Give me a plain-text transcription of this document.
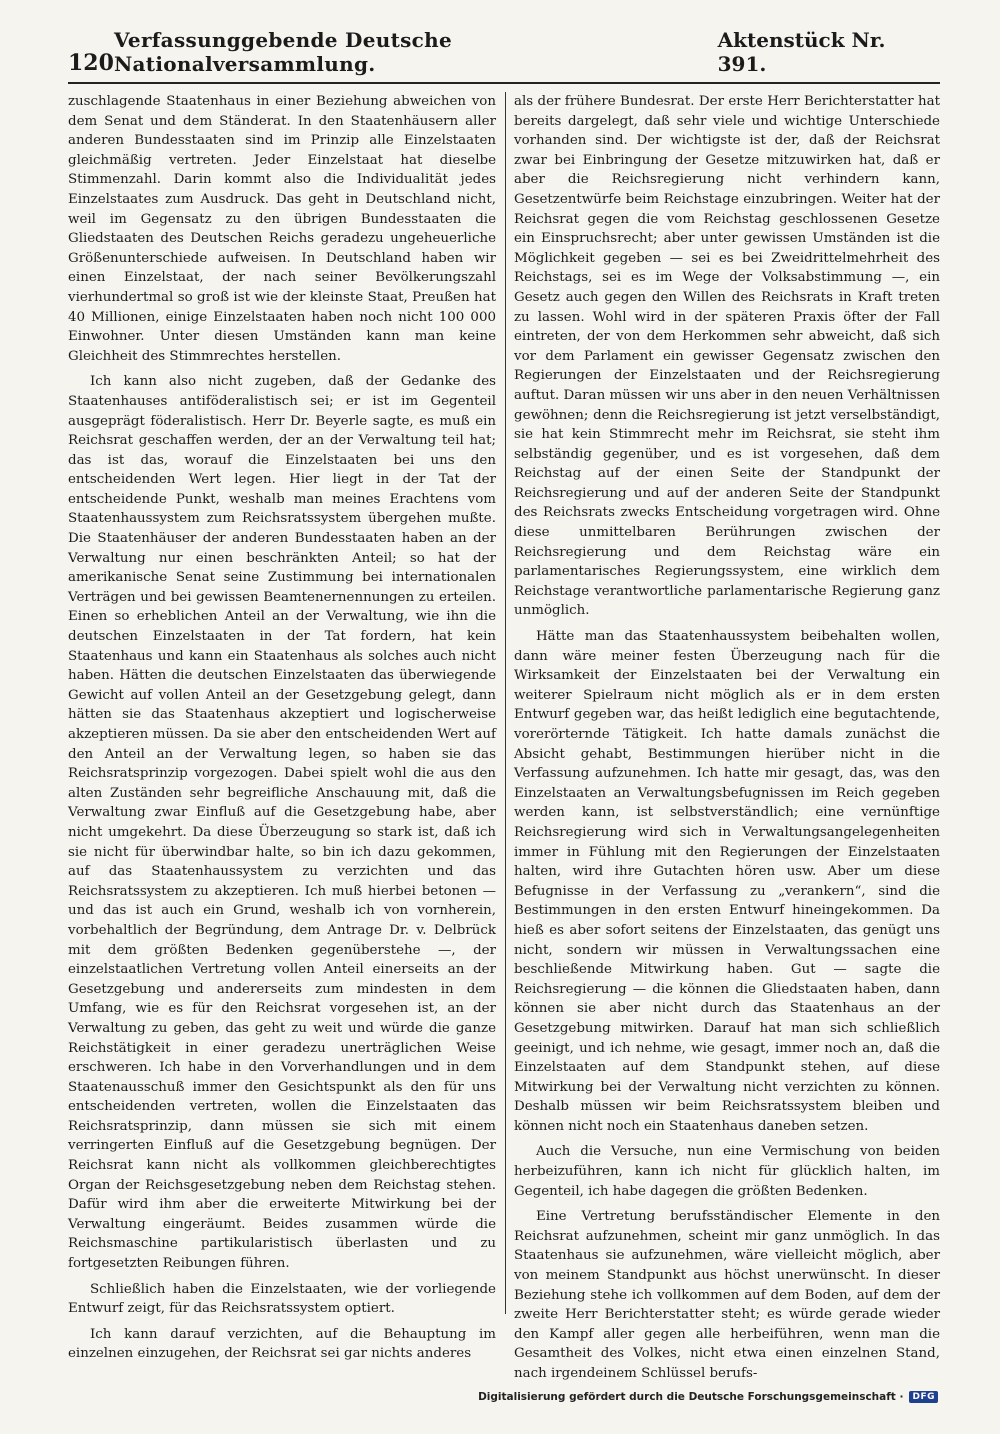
120
Verfassunggebende Deutsche Nationalversammlung.
Aktenstück Nr. 391.

zuschlagende Staatenhaus in einer Beziehung abweichen von dem Senat und dem Ständerat. In den Staatenhäusern aller anderen Bundesstaaten sind im Prinzip alle Einzelstaaten gleichmäßig vertreten. Jeder Einzelstaat hat dieselbe Stimmenzahl. Darin kommt also die Individualität jedes Einzelstaates zum Ausdruck. Das geht in Deutschland nicht, weil im Gegensatz zu den übrigen Bundesstaaten die Gliedstaaten des Deutschen Reichs geradezu ungeheuerliche Größenunterschiede aufweisen. In Deutschland haben wir einen Einzelstaat, der nach seiner Bevölkerungszahl vierhundertmal so groß ist wie der kleinste Staat, Preußen hat 40 Millionen, einige Einzelstaaten haben noch nicht 100 000 Einwohner. Unter diesen Umständen kann man keine Gleichheit des Stimmrechtes herstellen.

Ich kann also nicht zugeben, daß der Gedanke des Staatenhauses antiföderalistisch sei; er ist im Gegenteil ausgeprägt föderalistisch. Herr Dr. Beyerle sagte, es muß ein Reichsrat geschaffen werden, der an der Verwaltung teil hat; das ist das, worauf die Einzelstaaten bei uns den entscheidenden Wert legen. Hier liegt in der Tat der entscheidende Punkt, weshalb man meines Erachtens vom Staatenhaussystem zum Reichsratssystem übergehen mußte. Die Staatenhäuser der anderen Bundesstaaten haben an der Verwaltung nur einen beschränkten Anteil; so hat der amerikanische Senat seine Zustimmung bei internationalen Verträgen und bei gewissen Beamtenernennungen zu erteilen. Einen so erheblichen Anteil an der Verwaltung, wie ihn die deutschen Einzelstaaten in der Tat fordern, hat kein Staatenhaus und kann ein Staatenhaus als solches auch nicht haben. Hätten die deutschen Einzelstaaten das überwiegende Gewicht auf vollen Anteil an der Gesetzgebung gelegt, dann hätten sie das Staatenhaus akzeptiert und logischerweise akzeptieren müssen. Da sie aber den entscheidenden Wert auf den Anteil an der Verwaltung legen, so haben sie das Reichsratsprinzip vorgezogen. Dabei spielt wohl die aus den alten Zuständen sehr begreifliche Anschauung mit, daß die Verwaltung zwar Einfluß auf die Gesetzgebung habe, aber nicht umgekehrt. Da diese Überzeugung so stark ist, daß ich sie nicht für überwindbar halte, so bin ich dazu gekommen, auf das Staatenhaussystem zu verzichten und das Reichsratssystem zu akzeptieren. Ich muß hierbei betonen — und das ist auch ein Grund, weshalb ich von vornherein, vorbehaltlich der Begründung, dem Antrage Dr. v. Delbrück mit dem größten Bedenken gegenüberstehe —, der einzelstaatlichen Vertretung vollen Anteil einerseits an der Gesetzgebung und andererseits zum mindesten in dem Umfang, wie es für den Reichsrat vorgesehen ist, an der Verwaltung zu geben, das geht zu weit und würde die ganze Reichstätigkeit in einer geradezu unerträglichen Weise erschweren. Ich habe in den Vorverhandlungen und in dem Staatenausschuß immer den Gesichtspunkt als den für uns entscheidenden vertreten, wollen die Einzelstaaten das Reichsratsprinzip, dann müssen sie sich mit einem verringerten Einfluß auf die Gesetzgebung begnügen. Der Reichsrat kann nicht als vollkommen gleichberechtigtes Organ der Reichsgesetzgebung neben dem Reichstag stehen. Dafür wird ihm aber die erweiterte Mitwirkung bei der Verwaltung eingeräumt. Beides zusammen würde die Reichsmaschine partikularistisch überlasten und zu fortgesetzten Reibungen führen.

Schließlich haben die Einzelstaaten, wie der vorliegende Entwurf zeigt, für das Reichsratssystem optiert.

Ich kann darauf verzichten, auf die Behauptung im einzelnen einzugehen, der Reichsrat sei gar nichts anderes

als der frühere Bundesrat. Der erste Herr Berichterstatter hat bereits dargelegt, daß sehr viele und wichtige Unterschiede vorhanden sind. Der wichtigste ist der, daß der Reichsrat zwar bei Einbringung der Gesetze mitzuwirken hat, daß er aber die Reichsregierung nicht verhindern kann, Gesetzentwürfe beim Reichstage einzubringen. Weiter hat der Reichsrat gegen die vom Reichstag geschlossenen Gesetze ein Einspruchsrecht; aber unter gewissen Umständen ist die Möglichkeit gegeben — sei es bei Zweidrittelmehrheit des Reichstags, sei es im Wege der Volksabstimmung —, ein Gesetz auch gegen den Willen des Reichsrats in Kraft treten zu lassen. Wohl wird in der späteren Praxis öfter der Fall eintreten, der von dem Herkommen sehr abweicht, daß sich vor dem Parlament ein gewisser Gegensatz zwischen den Regierungen der Einzelstaaten und der Reichsregierung auftut. Daran müssen wir uns aber in den neuen Verhältnissen gewöhnen; denn die Reichsregierung ist jetzt verselbständigt, sie hat kein Stimmrecht mehr im Reichsrat, sie steht ihm selbständig gegenüber, und es ist vorgesehen, daß dem Reichstag auf der einen Seite der Standpunkt der Reichsregierung und auf der anderen Seite der Standpunkt des Reichsrats zwecks Entscheidung vorgetragen wird. Ohne diese unmittelbaren Berührungen zwischen der Reichsregierung und dem Reichstag wäre ein parlamentarisches Regierungssystem, eine wirklich dem Reichstage verantwortliche parlamentarische Regierung ganz unmöglich.

Hätte man das Staatenhaussystem beibehalten wollen, dann wäre meiner festen Überzeugung nach für die Wirksamkeit der Einzelstaaten bei der Verwaltung ein weiterer Spielraum nicht möglich als er in dem ersten Entwurf gegeben war, das heißt lediglich eine begutachtende, vorerörternde Tätigkeit. Ich hatte damals zunächst die Absicht gehabt, Bestimmungen hierüber nicht in die Verfassung aufzunehmen. Ich hatte mir gesagt, das, was den Einzelstaaten an Verwaltungsbefugnissen im Reich gegeben werden kann, ist selbstverständlich; eine vernünftige Reichsregierung wird sich in Verwaltungsangelegenheiten immer in Fühlung mit den Regierungen der Einzelstaaten halten, wird ihre Gutachten hören usw. Aber um diese Befugnisse in der Verfassung zu „verankern“, sind die Bestimmungen in den ersten Entwurf hineingekommen. Da hieß es aber sofort seitens der Einzelstaaten, das genügt uns nicht, sondern wir müssen in Verwaltungssachen eine beschließende Mitwirkung haben. Gut — sagte die Reichsregierung — die können die Gliedstaaten haben, dann können sie aber nicht durch das Staatenhaus an der Gesetzgebung mitwirken. Darauf hat man sich schließlich geeinigt, und ich nehme, wie gesagt, immer noch an, daß die Einzelstaaten auf dem Standpunkt stehen, auf diese Mitwirkung bei der Verwaltung nicht verzichten zu können. Deshalb müssen wir beim Reichsratssystem bleiben und können nicht noch ein Staatenhaus daneben setzen.

Auch die Versuche, nun eine Vermischung von beiden herbeizuführen, kann ich nicht für glücklich halten, im Gegenteil, ich habe dagegen die größten Bedenken.

Eine Vertretung berufsständischer Elemente in den Reichsrat aufzunehmen, scheint mir ganz unmöglich. In das Staatenhaus sie aufzunehmen, wäre vielleicht möglich, aber von meinem Standpunkt aus höchst unerwünscht. In dieser Beziehung stehe ich vollkommen auf dem Boden, auf dem der zweite Herr Berichterstatter steht; es würde gerade wieder den Kampf aller gegen alle herbeiführen, wenn man die Gesamtheit des Volkes, nicht etwa einen einzelnen Stand, nach irgendeinem Schlüssel berufs-

Digitalisierung gefördert durch die Deutsche Forschungsgemeinschaft ·	DFG
